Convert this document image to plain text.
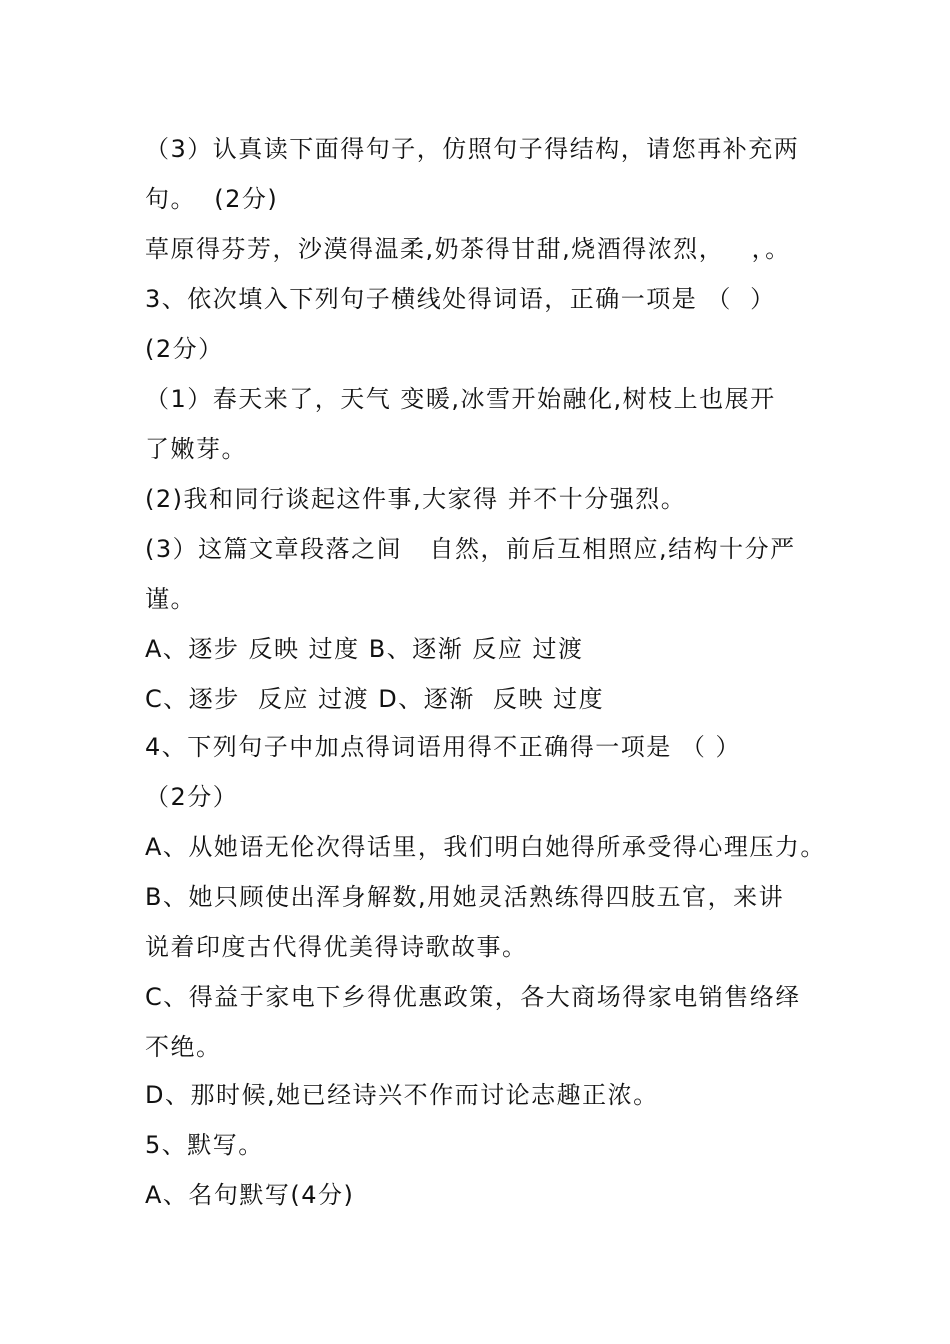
（3）认真读下面得句子，仿照句子得结构，请您再补充两
句。  (2分)
草原得芬芳，沙漠得温柔,奶茶得甘甜,烧酒得浓烈，   ，。
3、依次填入下列句子横线处得词语，正确一项是 （  ）
(2分）
（1）春天来了，天气 变暖,冰雪开始融化,树枝上也展开
了嫩芽。
(2)我和同行谈起这件事,大家得 并不十分强烈。
(3）这篇文章段落之间   自然，前后互相照应,结构十分严
谨。
A、逐步 反映 过度 B、逐渐 反应 过渡
C、逐步  反应 过渡 D、逐渐  反映 过度
4、下列句子中加点得词语用得不正确得一项是 （ ）
（2分）
A、从她语无伦次得话里，我们明白她得所承受得心理压力。
B、她只顾使出浑身解数,用她灵活熟练得四肢五官，来讲
说着印度古代得优美得诗歌故事。
C、得益于家电下乡得优惠政策，各大商场得家电销售络绎
不绝。
D、那时候,她已经诗兴不作而讨论志趣正浓。
5、默写。
A、名句默写(4分)
